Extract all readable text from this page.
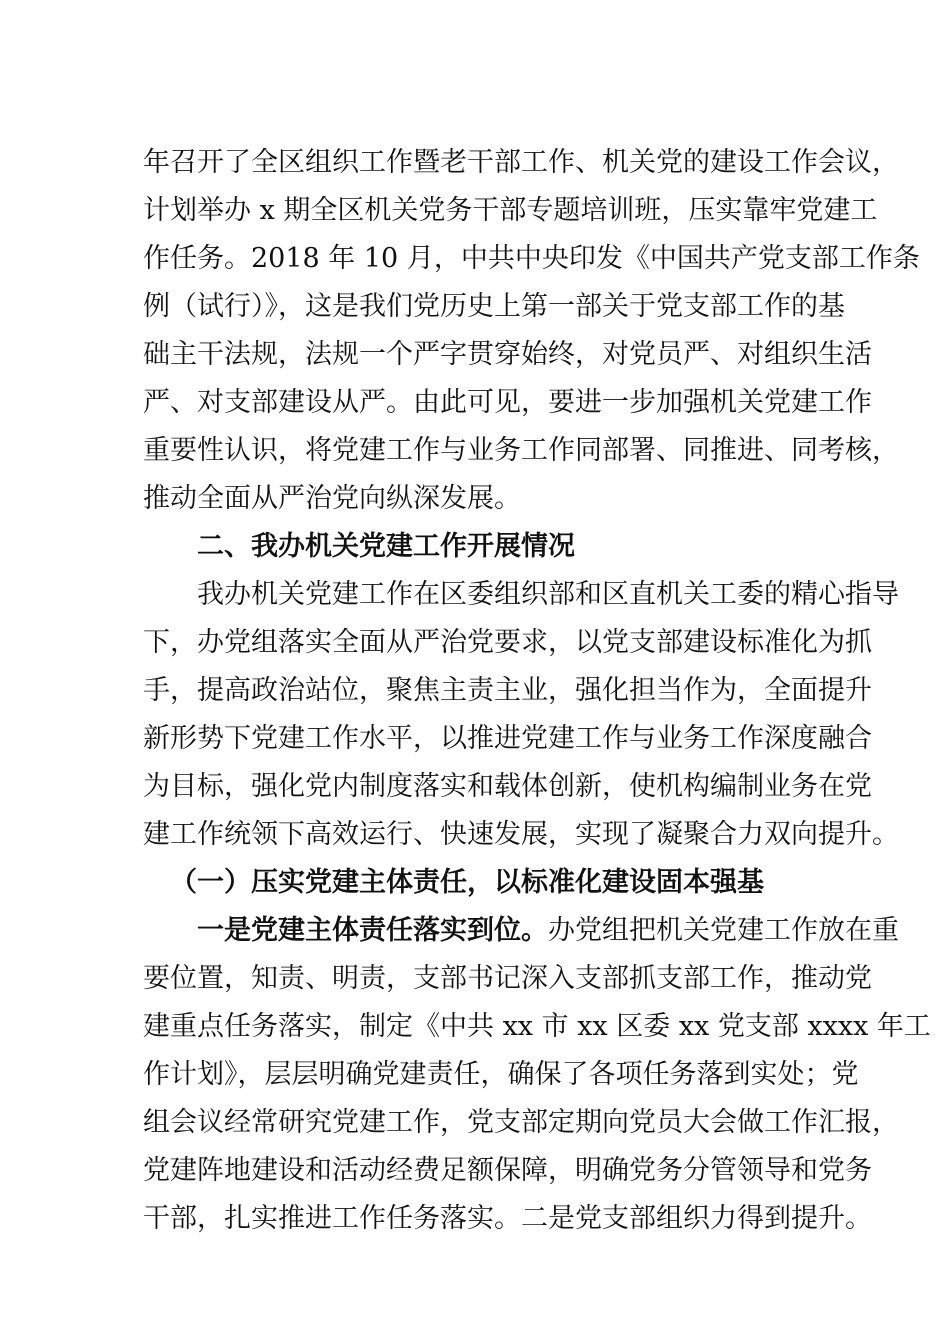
年召开了全区组织工作暨老干部工作、机关党的建设工作会议，
计划举办 x 期全区机关党务干部专题培训班，压实靠牢党建工
作任务。2018 年 10 月，中共中央印发《中国共产党支部工作条
例（试行）》，这是我们党历史上第一部关于党支部工作的基
础主干法规，法规一个严字贯穿始终，对党员严、对组织生活
严、对支部建设从严。由此可见，要进一步加强机关党建工作
重要性认识，将党建工作与业务工作同部署、同推进、同考核，
推动全面从严治党向纵深发展。
二、我办机关党建工作开展情况
我办机关党建工作在区委组织部和区直机关工委的精心指导
下，办党组落实全面从严治党要求，以党支部建设标准化为抓
手，提高政治站位，聚焦主责主业，强化担当作为，全面提升
新形势下党建工作水平，以推进党建工作与业务工作深度融合
为目标，强化党内制度落实和载体创新，使机构编制业务在党
建工作统领下高效运行、快速发展，实现了凝聚合力双向提升。
（一）压实党建主体责任，以标准化建设固本强基
一是党建主体责任落实到位。办党组把机关党建工作放在重
要位置，知责、明责，支部书记深入支部抓支部工作，推动党
建重点任务落实，制定《中共 xx 市 xx 区委 xx 党支部 xxxx 年工
作计划》，层层明确党建责任，确保了各项任务落到实处；党
组会议经常研究党建工作，党支部定期向党员大会做工作汇报，
党建阵地建设和活动经费足额保障，明确党务分管领导和党务
干部，扎实推进工作任务落实。二是党支部组织力得到提升。
